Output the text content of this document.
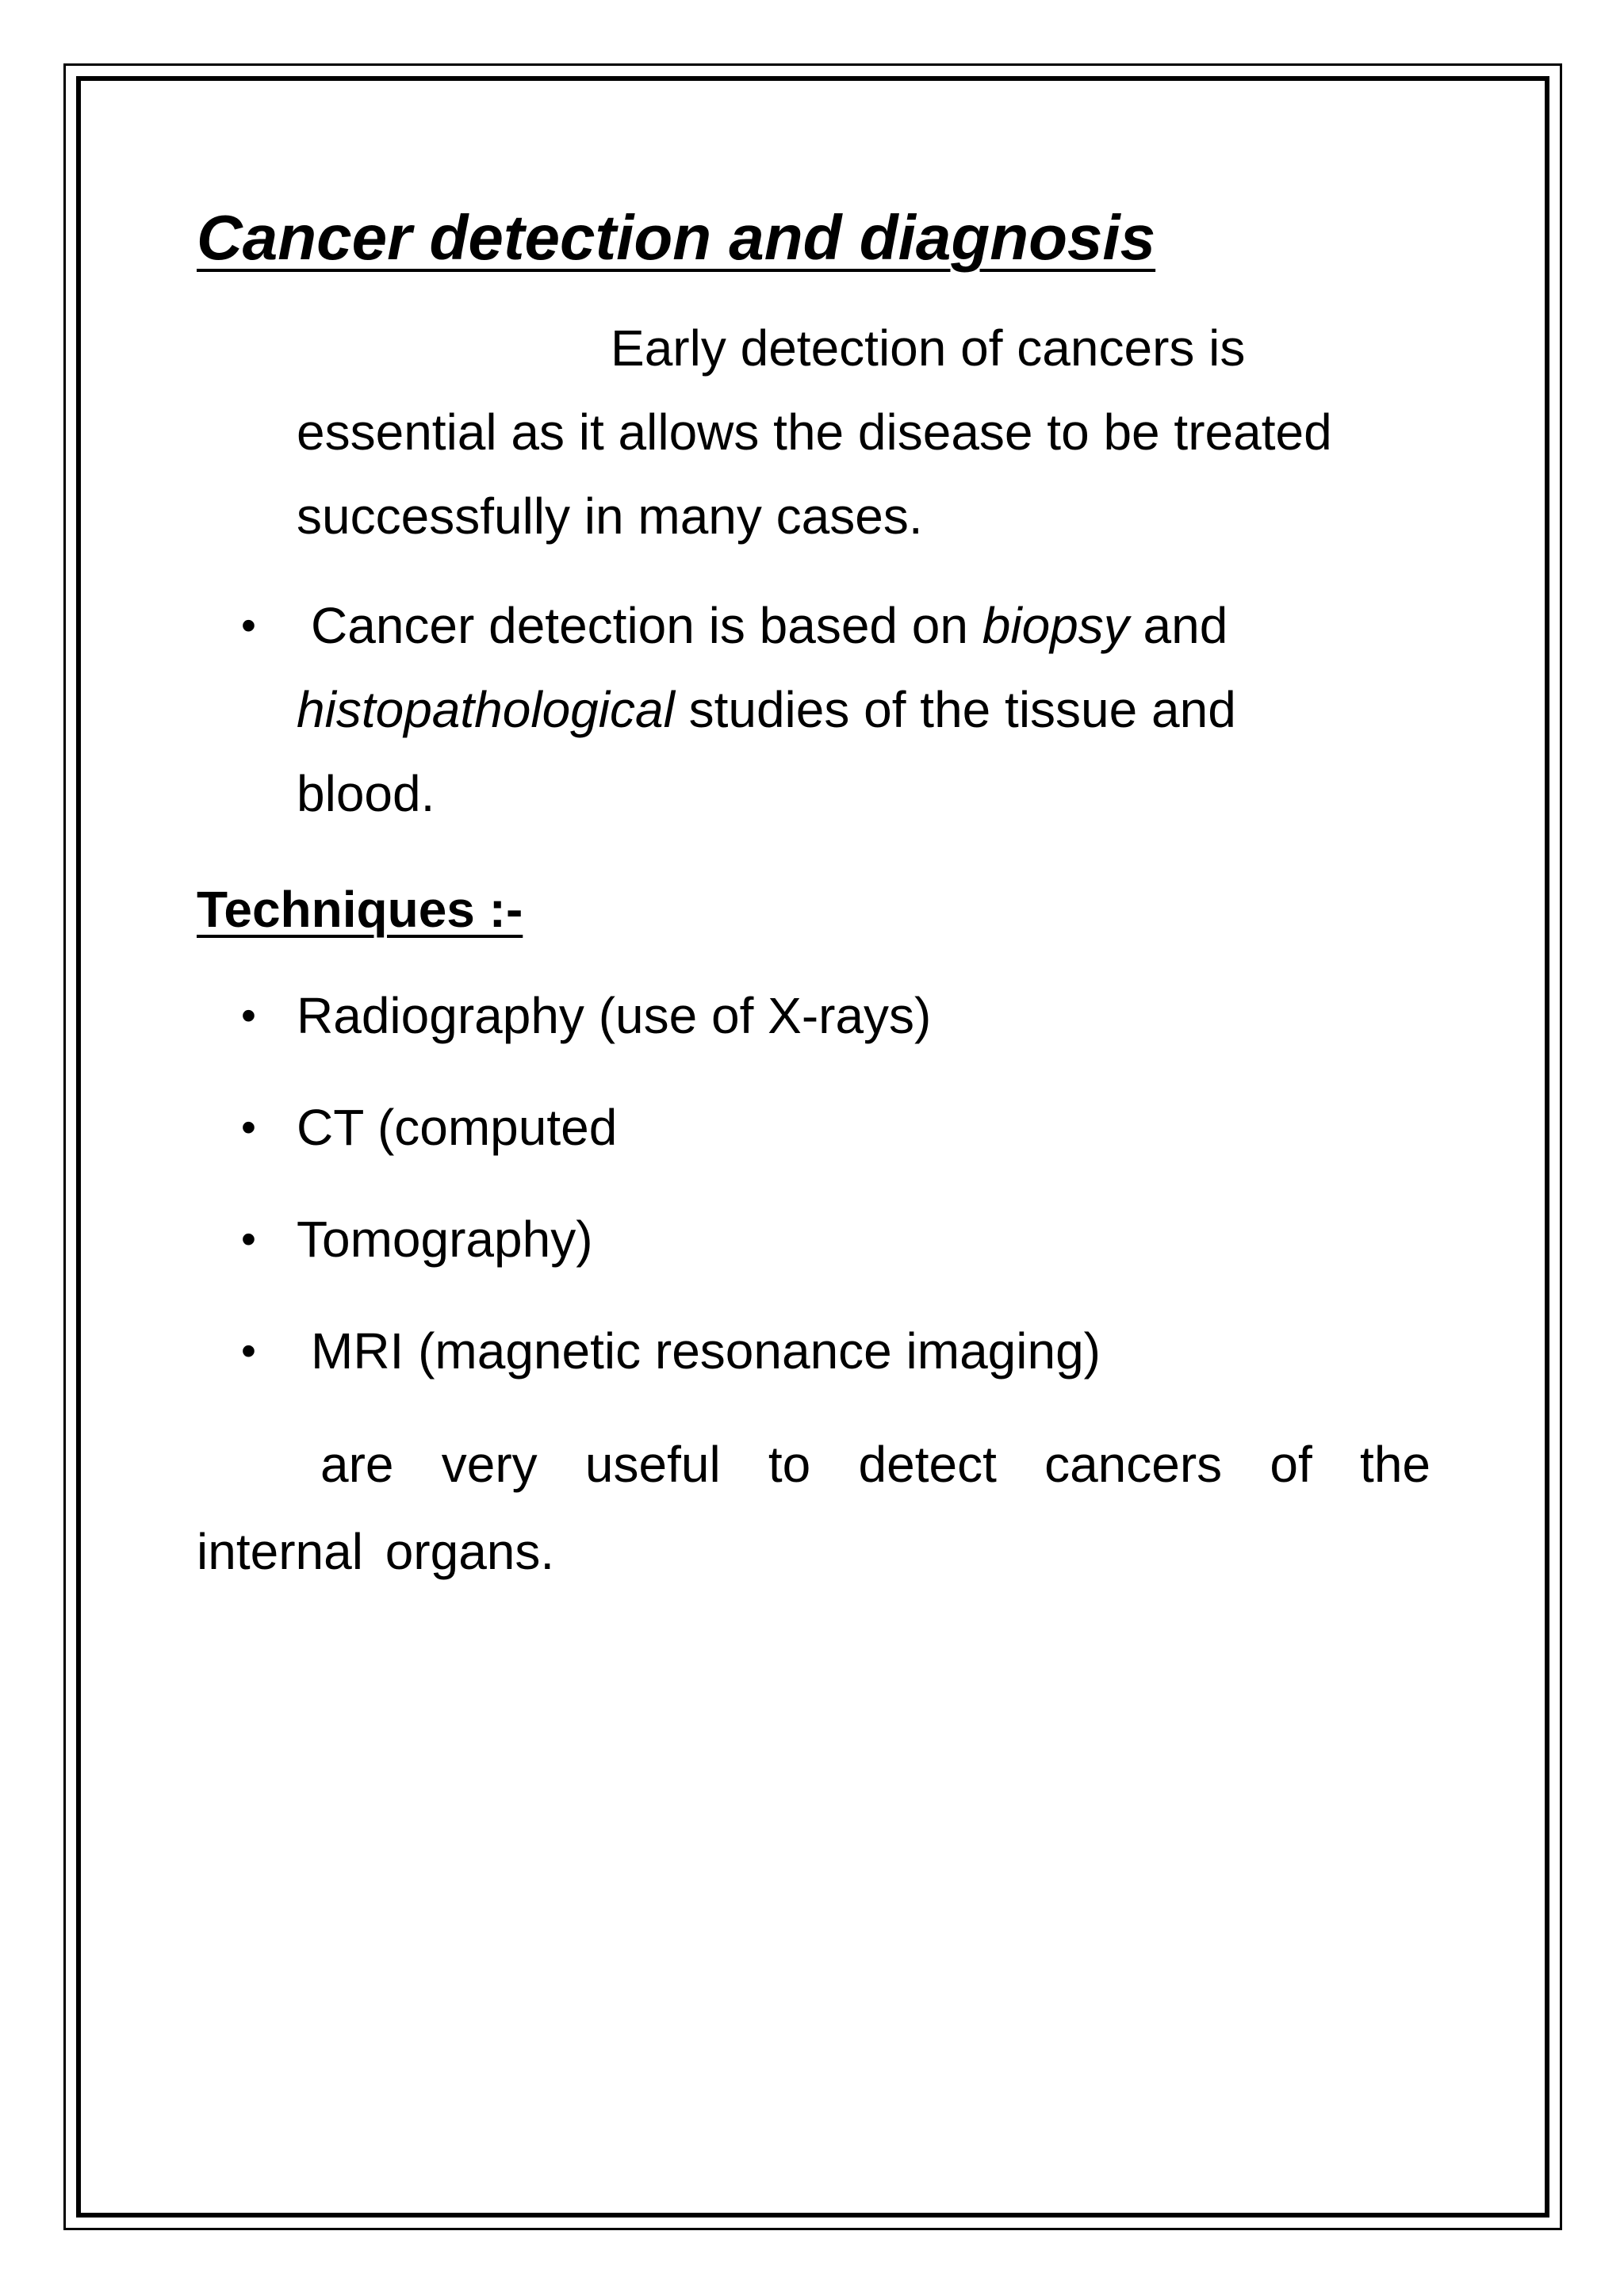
Cancer detection and diagnosis
Early detection of cancers is
essential as it allows the disease to be treated
successfully in many cases.
• Cancer detection is based on biopsy and
histopathological studies of the tissue and
blood.
Techniques :-
• Radiography (use of X-rays)
• CT (computed
• Tomography)
• MRI (magnetic resonance imaging)
are very useful to detect cancers of the internal organs.
